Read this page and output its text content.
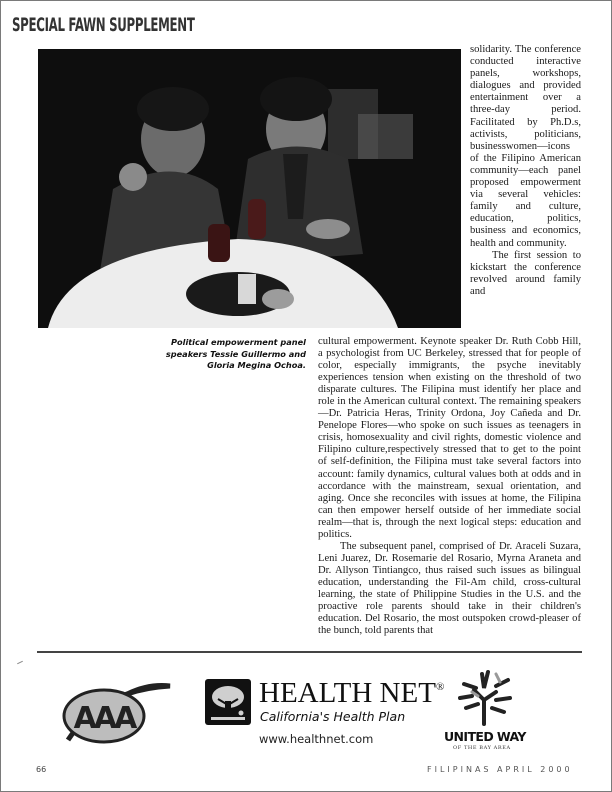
SPECIAL FAWN SUPPLEMENT
Political empowerment panel speakers Tessie Guillermo and Gloria Megina Ochoa.

solidarity. The conference conducted interactive panels, workshops, dialogues and provided entertainment over a three-day period. Facilitated by Ph.D.s, activists, politicians, businesswomen—icons of the Filipino American community—each panel proposed empowerment via several vehicles: family and culture, education, politics, business and economics, health and community.

The first session to kickstart the conference revolved around family and

cultural empowerment. Keynote speaker Dr. Ruth Cobb Hill, a psychologist from UC Berkeley, stressed that for people of color, especially immigrants, the psyche inevitably experiences tension when existing on the threshold of two disparate cultures. The Filipina must identify her place and role in the American cultural context. The remaining speakers—Dr. Patricia Heras, Trinity Ordona, Joy Cañeda and Dr. Penelope Flores—who spoke on such issues as teenagers in crisis, homosexuality and civil rights, domestic violence and Filipino culture,respectively stressed that to get to the point of self-definition, the Filipina must take several factors into account: family dynamics, cultural values both at odds and in accordance with the mainstream, sexual orientation, and aging. Once she reconciles with issues at home, the Filipina can then empower herself outside of her immediate social realm—that is, through the next logical steps: education and politics.

The subsequent panel, comprised of Dr. Araceli Suzara, Leni Juarez, Dr. Rosemarie del Rosario, Myrna Araneta and Dr. Allyson Tintiangco, thus raised such issues as bilingual education, understanding the Fil-Am child, cross-cultural learning, the state of Philippine Studies in the U.S. and the proactive role parents should take in their children's education. Del Rosario, the most outspoken crowd-pleaser of the bunch, told parents that

AAA
HEALTH NET®
California's Health Plan
www.healthnet.com	UNITED WAY
OF THE BAY AREA
66	FILIPINAS APRIL 2000
